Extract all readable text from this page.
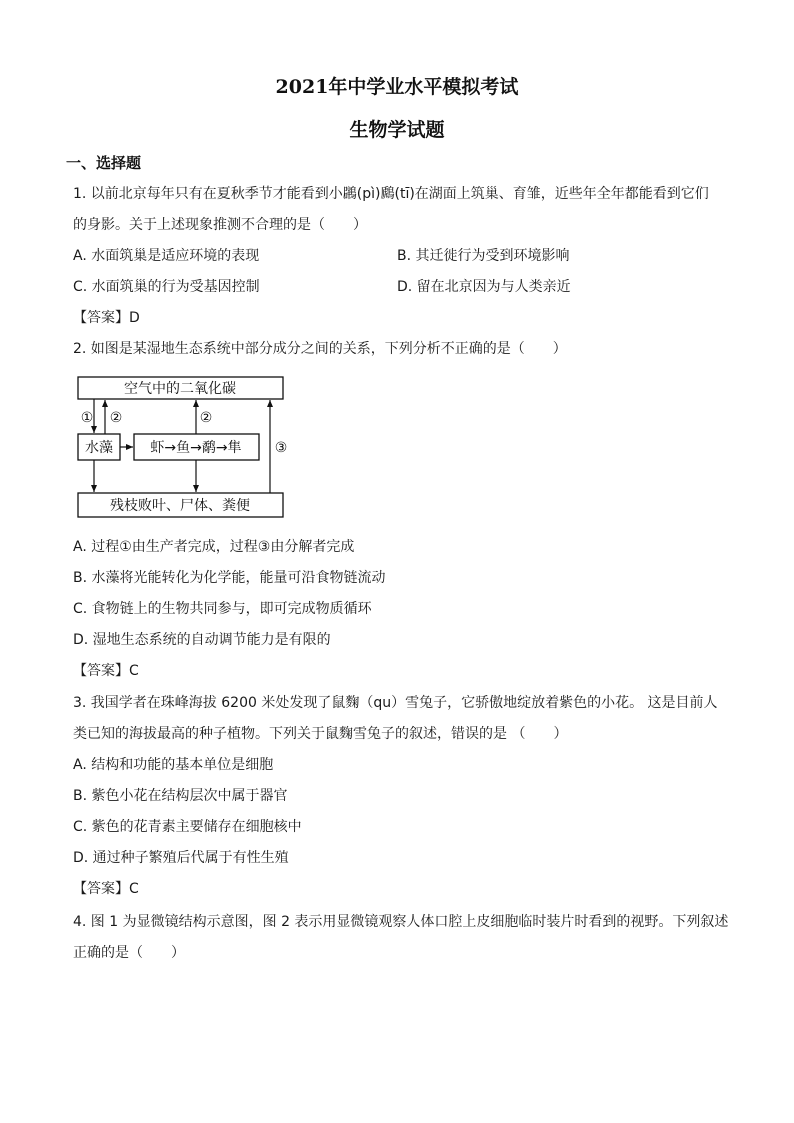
2021年中学业水平模拟考试
生物学试题
一、选择题
1. 以前北京每年只有在夏秋季节才能看到小鸊(pì)鷉(tī)在湖面上筑巢、育雏，近些年全年都能看到它们
的身影。关于上述现象推测不合理的是（　　）
A. 水面筑巢是适应环境的表现	B. 其迁徙行为受到环境影响
C. 水面筑巢的行为受基因控制	D. 留在北京因为与人类亲近
【答案】D
2. 如图是某湿地生态系统中部分成分之间的关系，下列分析不正确的是（　　）
空气中的二氧化碳
水藻	虾→鱼→鹬→隼
残枝败叶、尸体、粪便
① ②	②
③
A. 过程①由生产者完成，过程③由分解者完成
B. 水藻将光能转化为化学能，能量可沿食物链流动
C. 食物链上的生物共同参与，即可完成物质循环
D. 湿地生态系统的自动调节能力是有限的
【答案】C
3. 我国学者在珠峰海拔 6200 米处发现了鼠麴（qu）雪兔子，它骄傲地绽放着紫色的小花。 这是目前人
类已知的海拔最高的种子植物。下列关于鼠麴雪兔子的叙述，错误的是 （　　）
A. 结构和功能的基本单位是细胞
B. 紫色小花在结构层次中属于器官
C. 紫色的花青素主要储存在细胞核中
D. 通过种子繁殖后代属于有性生殖
【答案】C
4. 图 1 为显微镜结构示意图，图 2 表示用显微镜观察人体口腔上皮细胞临时装片时看到的视野。下列叙述
正确的是（　　）
